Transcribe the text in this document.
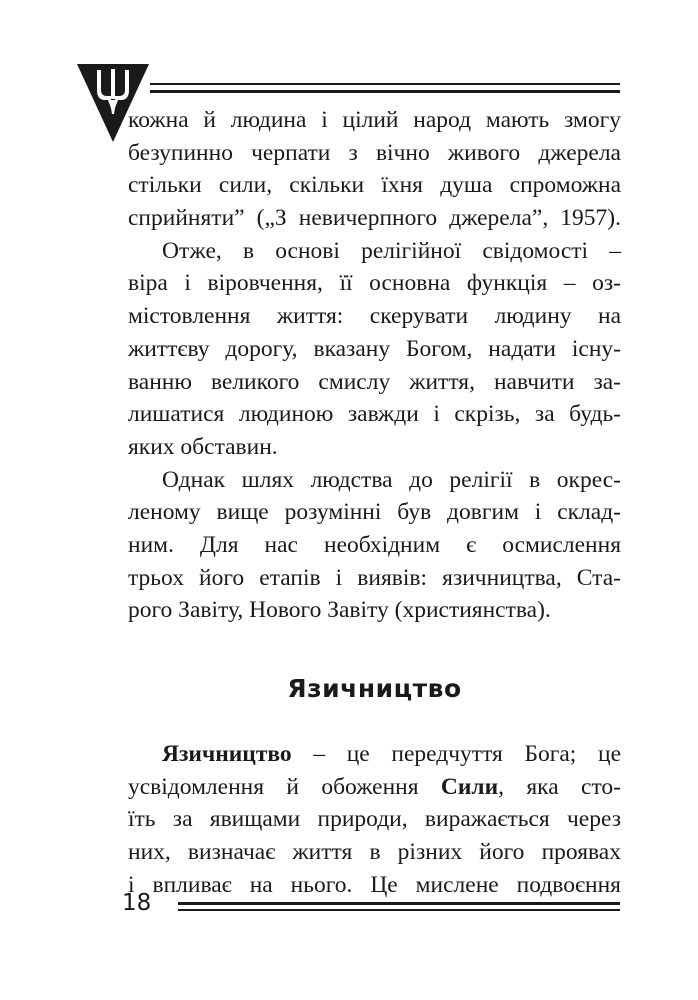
кожна й людина і цілий народ мають змогу
безупинно черпати з вічно живого джерела
стільки сили, скільки їхня душа спроможна
сприйняти” („З невичерпного джерела”, 1957).
Отже, в основі релігійної свідомості –
віра і віровчення, її основна функція – оз-
містовлення життя: скерувати людину на
життєву дорогу, вказану Богом, надати існу-
ванню великого смислу життя, навчити за-
лишатися людиною завжди і скрізь, за будь-
яких обставин.
Однак шлях людства до релігії в окрес-
леному вище розумінні був довгим і склад-
ним. Для нас необхідним є осмислення
трьох його етапів і виявів: язичництва, Ста-
рого Завіту, Нового Завіту (християнства).
Язичництво
Язичництво – це передчуття Бога; це
усвідомлення й обоження Сили, яка сто-
їть за явищами природи, виражається через
них, визначає життя в різних його проявах
і впливає на нього. Це мислене подвоєння
18
